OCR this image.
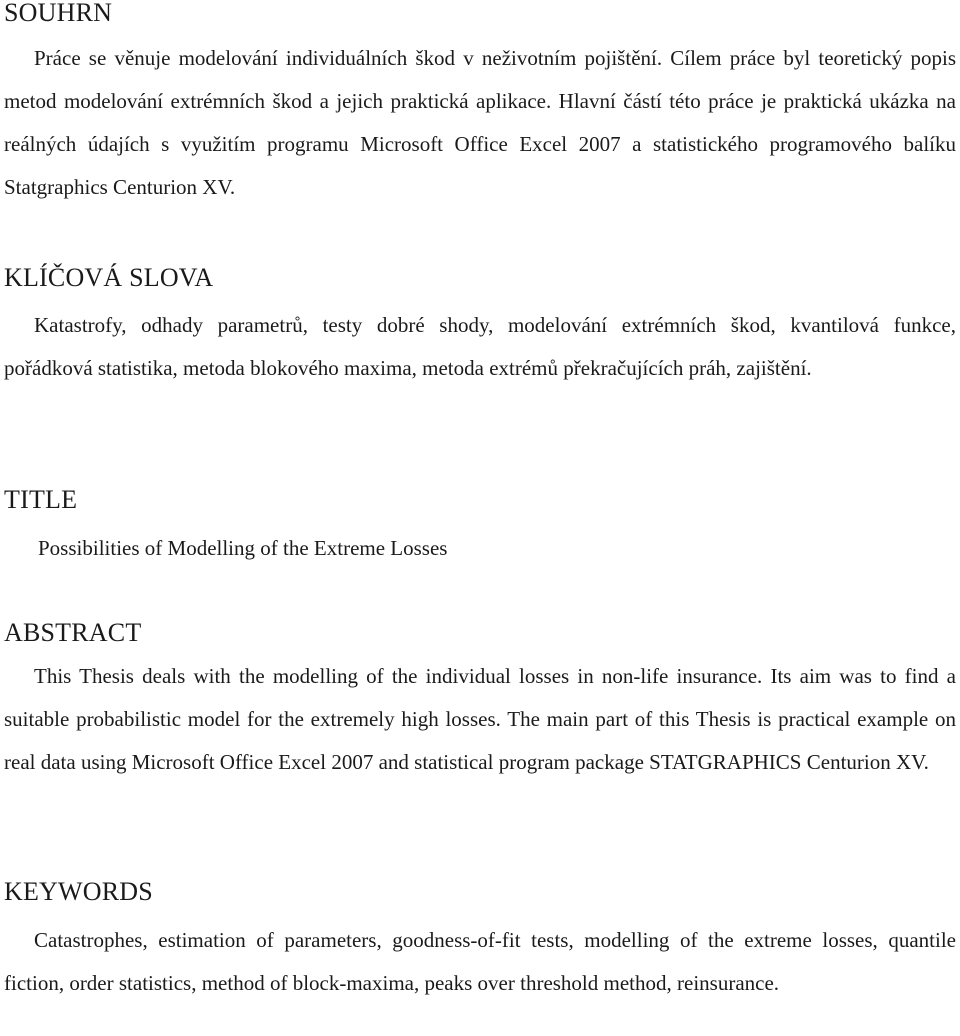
SOUHRN

Práce se věnuje modelování individuálních škod v neživotním pojištění. Cílem práce byl teoretický popis metod modelování extrémních škod a jejich praktická aplikace. Hlavní částí této práce je praktická ukázka na reálných údajích s využitím programu Microsoft Office Excel 2007 a statistického programového balíku Statgraphics Centurion XV.

KLÍČOVÁ SLOVA

Katastrofy, odhady parametrů, testy dobré shody, modelování extrémních škod, kvantilová funkce, pořádková statistika, metoda blokového maxima, metoda extrémů překračujících práh, zajištění.

TITLE

Possibilities of Modelling of the Extreme Losses

ABSTRACT

This Thesis deals with the modelling of the individual losses in non-life insurance. Its aim was to find a suitable probabilistic model for the extremely high losses. The main part of this Thesis is practical example on real data using Microsoft Office Excel 2007 and statistical program package STATGRAPHICS Centurion XV.

KEYWORDS

Catastrophes, estimation of parameters, goodness-of-fit tests, modelling of the extreme losses, quantile fiction, order statistics, method of block-maxima, peaks over threshold method, reinsurance.
